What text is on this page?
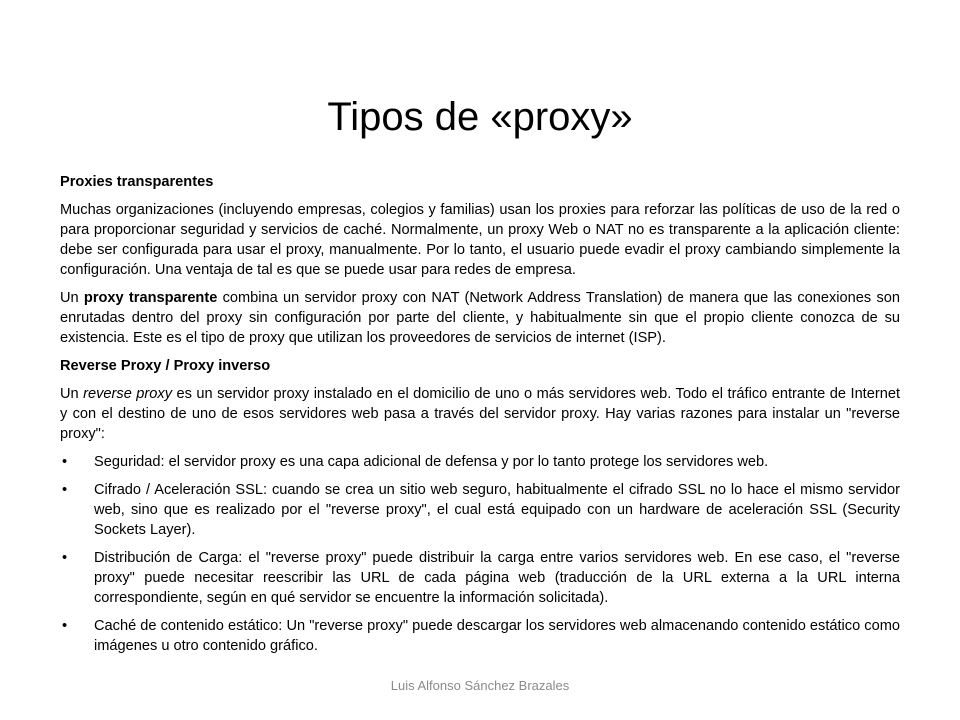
Tipos de «proxy»

Proxies transparentes

Muchas organizaciones (incluyendo empresas, colegios y familias) usan los proxies para reforzar las políticas de uso de la red o para proporcionar seguridad y servicios de caché. Normalmente, un proxy Web o NAT no es transparente a la aplicación cliente: debe ser configurada para usar el proxy, manualmente. Por lo tanto, el usuario puede evadir el proxy cambiando simplemente la configuración. Una ventaja de tal es que se puede usar para redes de empresa.

Un proxy transparente combina un servidor proxy con NAT (Network Address Translation) de manera que las conexiones son enrutadas dentro del proxy sin configuración por parte del cliente, y habitualmente sin que el propio cliente conozca de su existencia. Este es el tipo de proxy que utilizan los proveedores de servicios de internet (ISP).

Reverse Proxy / Proxy inverso

Un reverse proxy es un servidor proxy instalado en el domicilio de uno o más servidores web. Todo el tráfico entrante de Internet y con el destino de uno de esos servidores web pasa a través del servidor proxy. Hay varias razones para instalar un "reverse proxy":

• Seguridad: el servidor proxy es una capa adicional de defensa y por lo tanto protege los servidores web.
• Cifrado / Aceleración SSL: cuando se crea un sitio web seguro, habitualmente el cifrado SSL no lo hace el mismo servidor web, sino que es realizado por el "reverse proxy", el cual está equipado con un hardware de aceleración SSL (Security Sockets Layer).
• Distribución de Carga: el "reverse proxy" puede distribuir la carga entre varios servidores web. En ese caso, el "reverse proxy" puede necesitar reescribir las URL de cada página web (traducción de la URL externa a la URL interna correspondiente, según en qué servidor se encuentre la información solicitada).
• Caché de contenido estático: Un "reverse proxy" puede descargar los servidores web almacenando contenido estático como imágenes u otro contenido gráfico.
Luis Alfonso Sánchez Brazales
